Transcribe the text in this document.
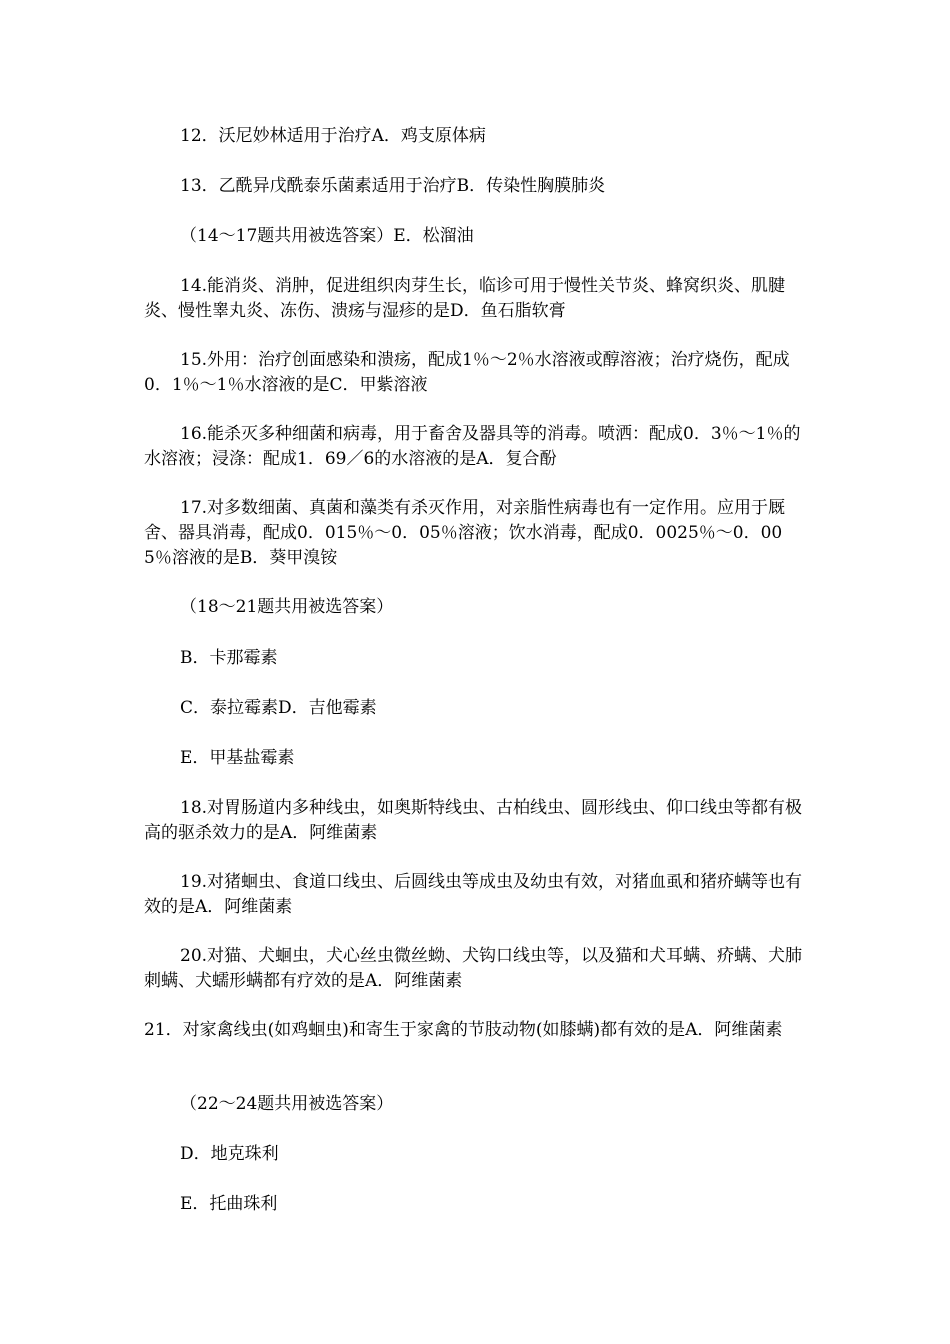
12．沃尼妙林适用于治疗A．鸡支原体病

13．乙酰异戊酰泰乐菌素适用于治疗B．传染性胸膜肺炎

（14～17题共用被选答案）E．松溜油

14.能消炎、消肿，促进组织肉芽生长，临诊可用于慢性关节炎、蜂窝织炎、肌腱炎、慢性睾丸炎、冻伤、溃疡与湿疹的是D．鱼石脂软膏

15.外用：治疗创面感染和溃疡，配成1％～2％水溶液或醇溶液；治疗烧伤，配成0．1％～1％水溶液的是C．甲紫溶液

16.能杀灭多种细菌和病毒，用于畜舍及器具等的消毒。喷洒：配成0．3％～1％的水溶液；浸涤：配成1．69／6的水溶液的是A．复合酚

17.对多数细菌、真菌和藻类有杀灭作用，对亲脂性病毒也有一定作用。应用于厩舍、器具消毒，配成0．015％～0．05％溶液；饮水消毒，配成0．0025％～0．005％溶液的是B．葵甲溴铵

（18～21题共用被选答案）

B．卡那霉素

C．泰拉霉素D．吉他霉素

E．甲基盐霉素

18.对胃肠道内多种线虫，如奥斯特线虫、古柏线虫、圆形线虫、仰口线虫等都有极高的驱杀效力的是A．阿维菌素

19.对猪蛔虫、食道口线虫、后圆线虫等成虫及幼虫有效，对猪血虱和猪疥螨等也有效的是A．阿维菌素

20.对猫、犬蛔虫，犬心丝虫微丝蚴、犬钩口线虫等，以及猫和犬耳螨、疥螨、犬肺刺螨、犬蠕形螨都有疗效的是A．阿维菌素

21．对家禽线虫(如鸡蛔虫)和寄生于家禽的节肢动物(如膝螨)都有效的是A．阿维菌素

（22～24题共用被选答案）

D．地克珠利

E．托曲珠利
